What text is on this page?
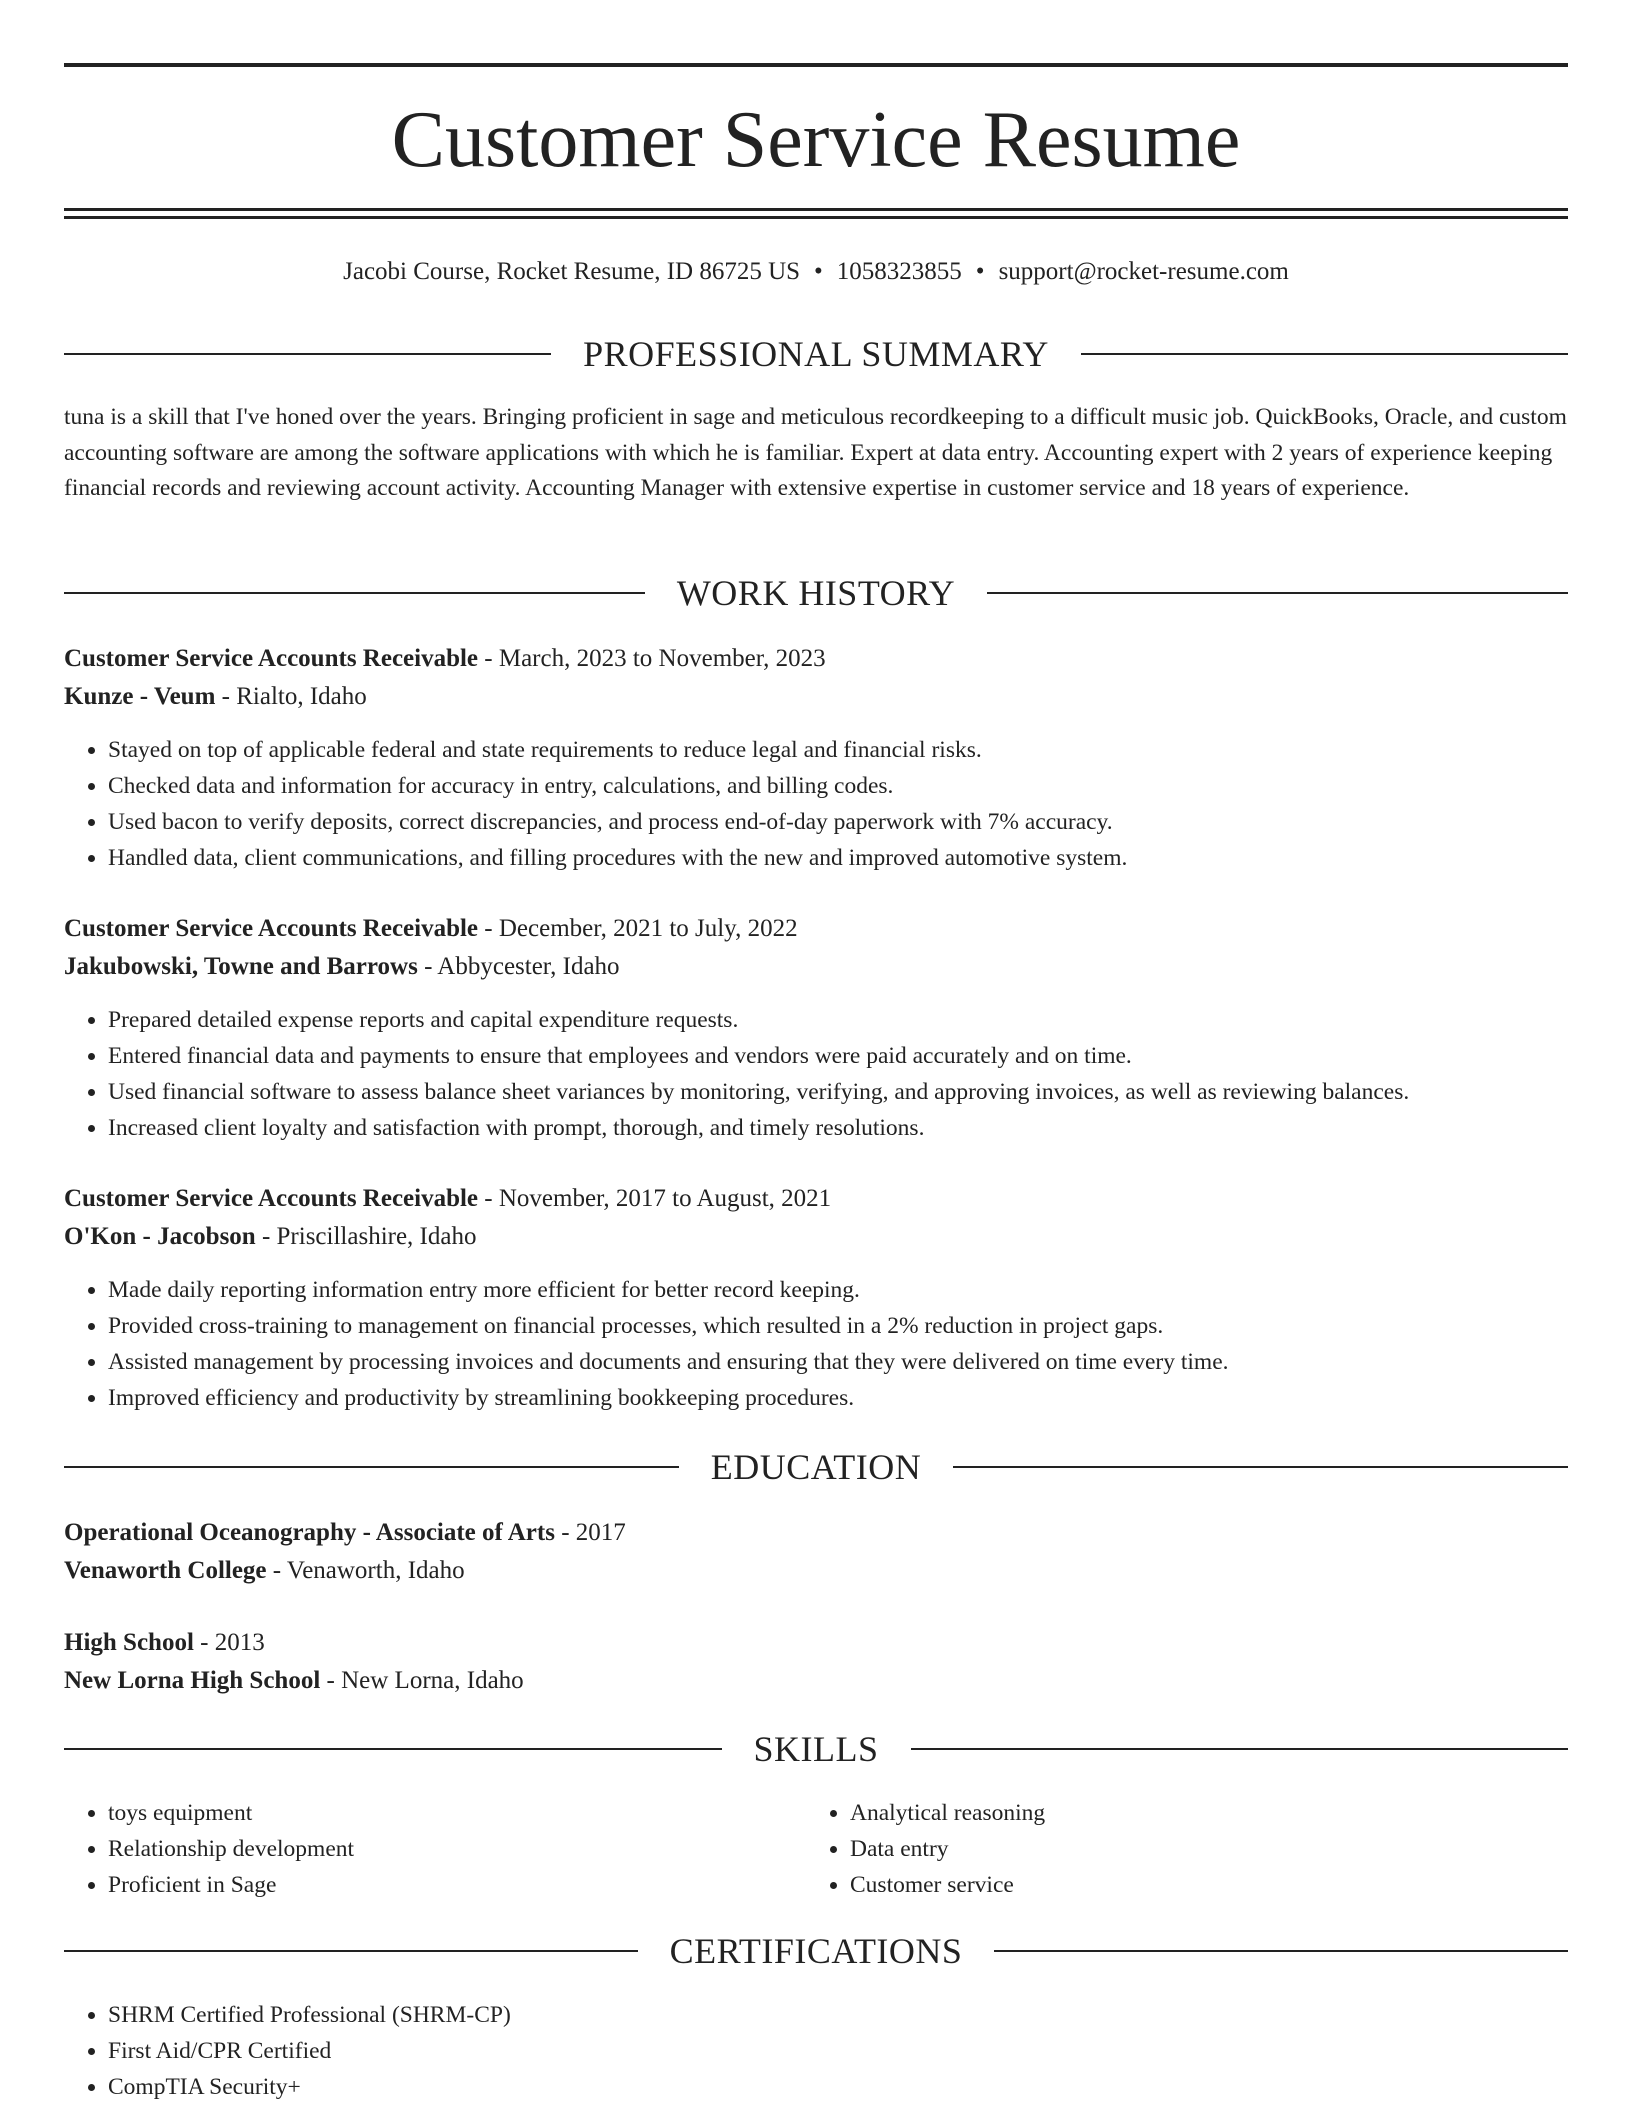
Customer Service Resume
Jacobi Course, Rocket Resume, ID 86725 US • 1058323855 • support@rocket-resume.com
PROFESSIONAL SUMMARY
tuna is a skill that I've honed over the years. Bringing proficient in sage and meticulous recordkeeping to a difficult music job. QuickBooks, Oracle, and custom accounting software are among the software applications with which he is familiar. Expert at data entry. Accounting expert with 2 years of experience keeping financial records and reviewing account activity. Accounting Manager with extensive expertise in customer service and 18 years of experience.
WORK HISTORY
Customer Service Accounts Receivable - March, 2023 to November, 2023
Kunze - Veum - Rialto, Idaho
• Stayed on top of applicable federal and state requirements to reduce legal and financial risks.
• Checked data and information for accuracy in entry, calculations, and billing codes.
• Used bacon to verify deposits, correct discrepancies, and process end-of-day paperwork with 7% accuracy.
• Handled data, client communications, and filling procedures with the new and improved automotive system.
Customer Service Accounts Receivable - December, 2021 to July, 2022
Jakubowski, Towne and Barrows - Abbycester, Idaho
• Prepared detailed expense reports and capital expenditure requests.
• Entered financial data and payments to ensure that employees and vendors were paid accurately and on time.
• Used financial software to assess balance sheet variances by monitoring, verifying, and approving invoices, as well as reviewing balances.
• Increased client loyalty and satisfaction with prompt, thorough, and timely resolutions.
Customer Service Accounts Receivable - November, 2017 to August, 2021
O'Kon - Jacobson - Priscillashire, Idaho
• Made daily reporting information entry more efficient for better record keeping.
• Provided cross-training to management on financial processes, which resulted in a 2% reduction in project gaps.
• Assisted management by processing invoices and documents and ensuring that they were delivered on time every time.
• Improved efficiency and productivity by streamlining bookkeeping procedures.
EDUCATION
Operational Oceanography - Associate of Arts - 2017
Venaworth College - Venaworth, Idaho
High School - 2013
New Lorna High School - New Lorna, Idaho
SKILLS
• toys equipment
• Relationship development
• Proficient in Sage
• Analytical reasoning
• Data entry
• Customer service
CERTIFICATIONS
• SHRM Certified Professional (SHRM-CP)
• First Aid/CPR Certified
• CompTIA Security+
